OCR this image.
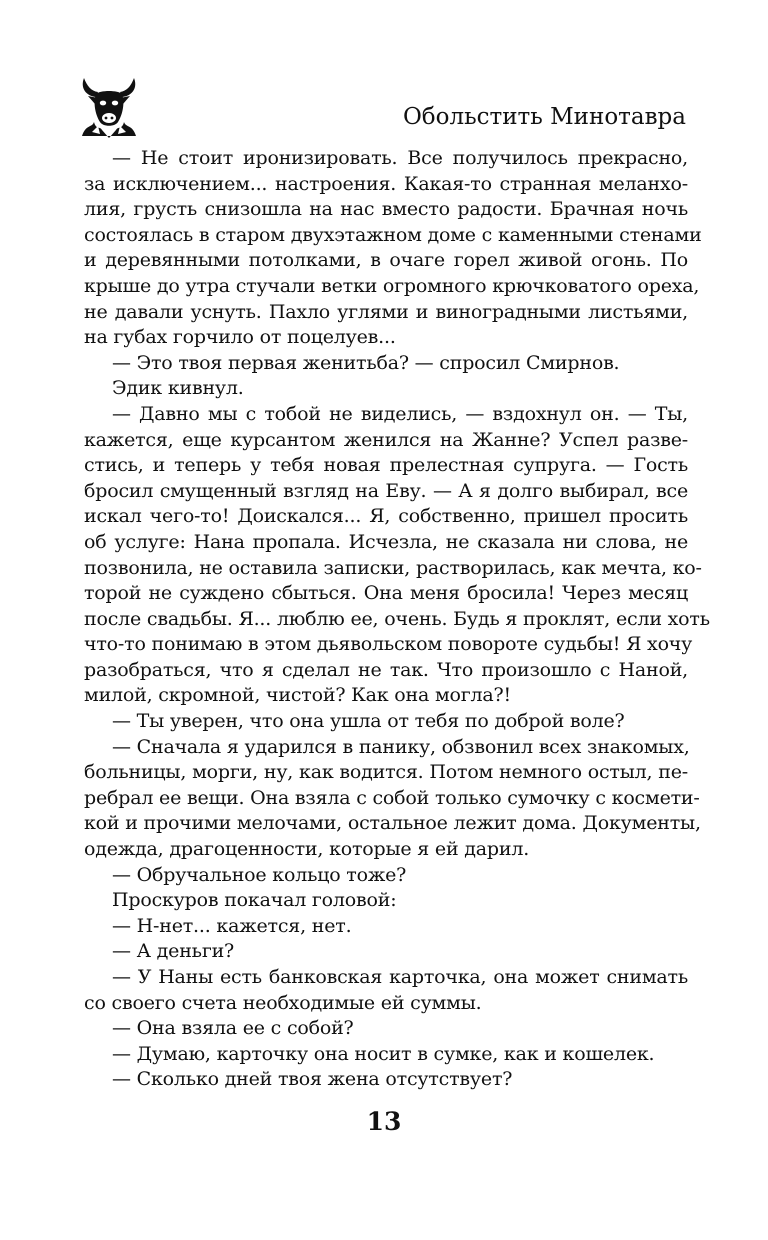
Обольстить Минотавра
— Не стоит иронизировать. Все получилось прекрасно,
за исключением... настроения. Какая-то странная меланхо-
лия, грусть снизошла на нас вместо радости. Брачная ночь
состоялась в старом двухэтажном доме с каменными стенами
и деревянными потолками, в очаге горел живой огонь. По
крыше до утра стучали ветки огромного крючковатого ореха,
не давали уснуть. Пахло углями и виноградными листьями,
на губах горчило от поцелуев...
— Это твоя первая женитьба? — спросил Смирнов.
Эдик кивнул.
— Давно мы с тобой не виделись, — вздохнул он. — Ты,
кажется, еще курсантом женился на Жанне? Успел разве-
стись, и теперь у тебя новая прелестная супруга. — Гость
бросил смущенный взгляд на Еву. — А я долго выбирал, все
искал чего-то! Доискался... Я, собственно, пришел просить
об услуге: Нана пропала. Исчезла, не сказала ни слова, не
позвонила, не оставила записки, растворилась, как мечта, ко-
торой не суждено сбыться. Она меня бросила! Через месяц
после свадьбы. Я... люблю ее, очень. Будь я проклят, если хоть
что-то понимаю в этом дьявольском повороте судьбы! Я хочу
разобраться, что я сделал не так. Что произошло с Наной,
милой, скромной, чистой? Как она могла?!
— Ты уверен, что она ушла от тебя по доброй воле?
— Сначала я ударился в панику, обзвонил всех знакомых,
больницы, морги, ну, как водится. Потом немного остыл, пе-
ребрал ее вещи. Она взяла с собой только сумочку с космети-
кой и прочими мелочами, остальное лежит дома. Документы,
одежда, драгоценности, которые я ей дарил.
— Обручальное кольцо тоже?
Проскуров покачал головой:
— Н-нет... кажется, нет.
— А деньги?
— У Наны есть банковская карточка, она может снимать
со своего счета необходимые ей суммы.
— Она взяла ее с собой?
— Думаю, карточку она носит в сумке, как и кошелек.
— Сколько дней твоя жена отсутствует?
13
